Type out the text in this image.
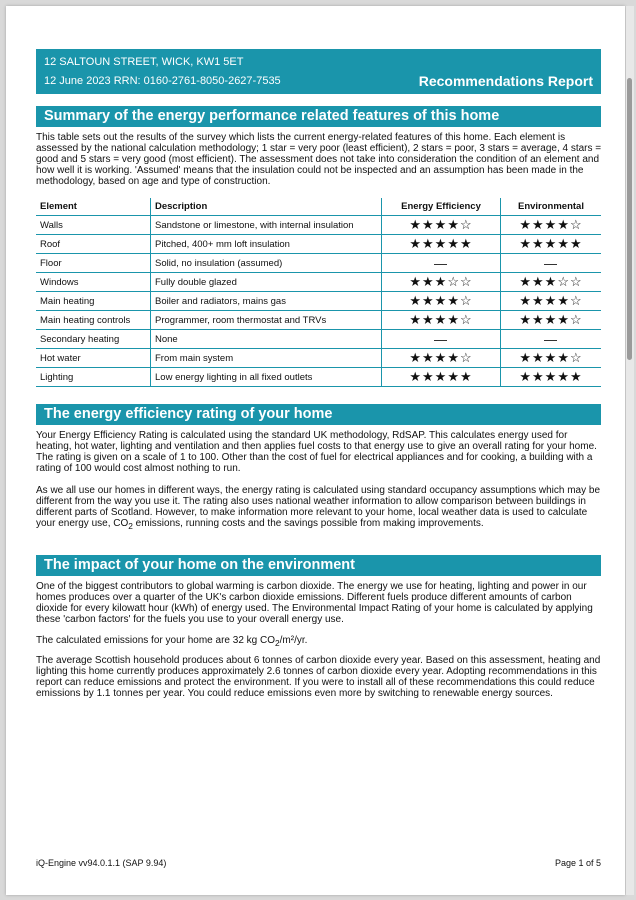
12 SALTOUN STREET, WICK, KW1 5ET
12 June 2023 RRN: 0160-2761-8050-2627-7535	Recommendations Report
Summary of the energy performance related features of this home

This table sets out the results of the survey which lists the current energy-related features of this home. Each element is assessed by the national calculation methodology; 1 star = very poor (least efficient), 2 stars = poor, 3 stars = average, 4 stars = good and 5 stars = very good (most efficient). The assessment does not take into consideration the condition of an element and how well it is working. 'Assumed' means that the insulation could not be inspected and an assumption has been made in the methodology, based on age and type of construction.

Element	Description	Energy Efficiency	Environmental
Walls	Sandstone or limestone, with internal insulation	★★★★☆	★★★★☆
Roof	Pitched, 400+ mm loft insulation	★★★★★	★★★★★
Floor	Solid, no insulation (assumed)	—	—
Windows	Fully double glazed	★★★☆☆	★★★☆☆
Main heating	Boiler and radiators, mains gas	★★★★☆	★★★★☆
Main heating controls	Programmer, room thermostat and TRVs	★★★★☆	★★★★☆
Secondary heating	None	—	—
Hot water	From main system	★★★★☆	★★★★☆
Lighting	Low energy lighting in all fixed outlets	★★★★★	★★★★★
The energy efficiency rating of your home

Your Energy Efficiency Rating is calculated using the standard UK methodology, RdSAP. This calculates energy used for heating, hot water, lighting and ventilation and then applies fuel costs to that energy use to give an overall rating for your home. The rating is given on a scale of 1 to 100. Other than the cost of fuel for electrical appliances and for cooking, a building with a rating of 100 would cost almost nothing to run.

As we all use our homes in different ways, the energy rating is calculated using standard occupancy assumptions which may be different from the way you use it. The rating also uses national weather information to allow comparison between buildings in different parts of Scotland. However, to make information more relevant to your home, local weather data is used to calculate your energy use, $CO_2$ emissions, running costs and the savings possible from making improvements.

The impact of your home on the environment

One of the biggest contributors to global warming is carbon dioxide. The energy we use for heating, lighting and power in our homes produces over a quarter of the UK's carbon dioxide emissions. Different fuels produce different amounts of carbon dioxide for every kilowatt hour (kWh) of energy used. The Environmental Impact Rating of your home is calculated by applying these 'carbon factors' for the fuels you use to your overall energy use.

The calculated emissions for your home are 32 kg $CO_2/m^2/yr$.

The average Scottish household produces about 6 tonnes of carbon dioxide every year. Based on this assessment, heating and lighting this home currently produces approximately 2.6 tonnes of carbon dioxide every year. Adopting recommendations in this report can reduce emissions and protect the environment. If you were to install all of these recommendations this could reduce emissions by 1.1 tonnes per year. You could reduce emissions even more by switching to renewable energy sources.

iQ-Engine vv94.0.1.1 (SAP 9.94)	Page 1 of 5
